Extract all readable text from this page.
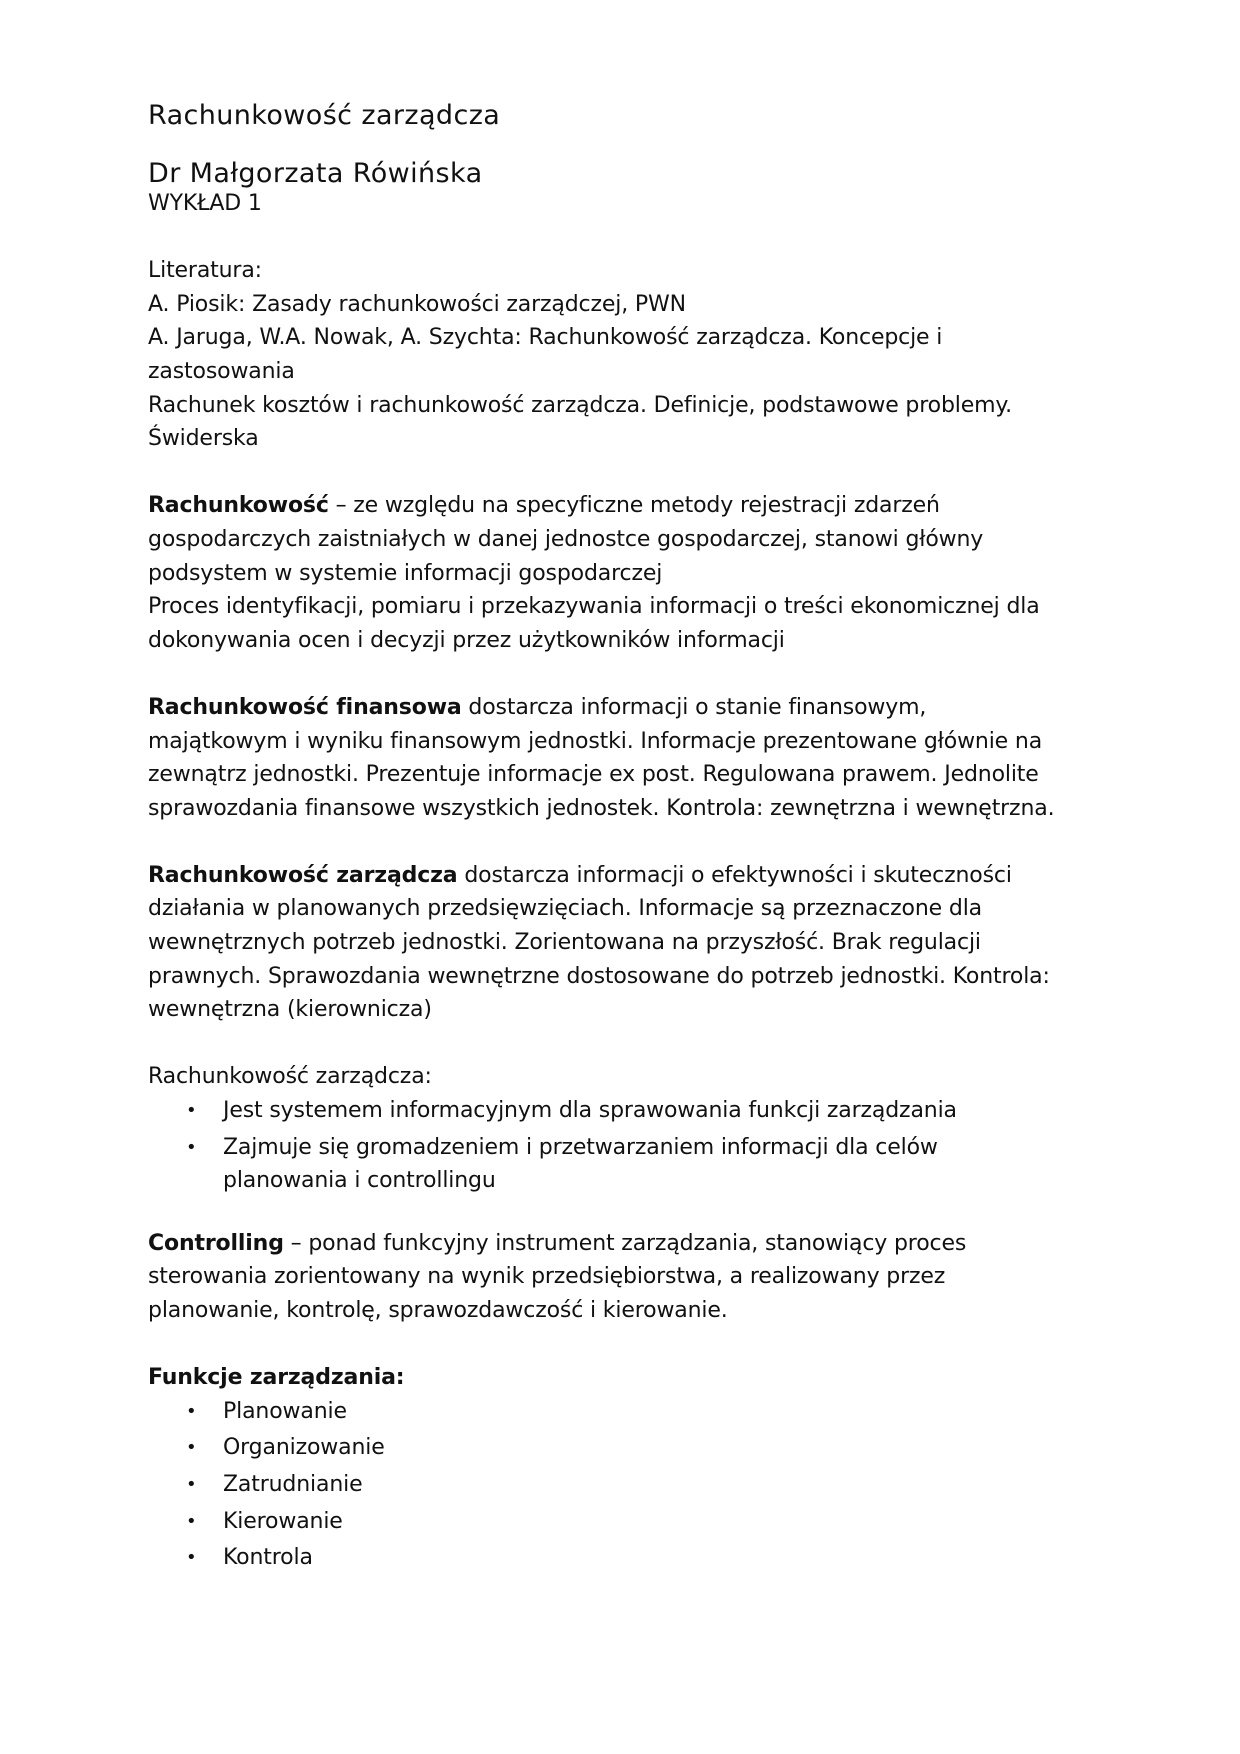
Rachunkowość zarządcza
Dr Małgorzata Rówińska

WYKŁAD 1

Literatura:

A. Piosik: Zasady rachunkowości zarządczej, PWN

A. Jaruga, W.A. Nowak, A. Szychta: Rachunkowość zarządcza. Koncepcje i

zastosowania

Rachunek kosztów i rachunkowość zarządcza. Definicje, podstawowe problemy.

Świderska

Rachunkowość – ze względu na specyficzne metody rejestracji zdarzeń

gospodarczych zaistniałych w danej jednostce gospodarczej, stanowi główny

podsystem w systemie informacji gospodarczej

Proces identyfikacji, pomiaru i przekazywania informacji o treści ekonomicznej dla

dokonywania ocen i decyzji przez użytkowników informacji

Rachunkowość finansowa dostarcza informacji o stanie finansowym,

majątkowym i wyniku finansowym jednostki. Informacje prezentowane głównie na

zewnątrz jednostki. Prezentuje informacje ex post. Regulowana prawem. Jednolite

sprawozdania finansowe wszystkich jednostek. Kontrola: zewnętrzna i wewnętrzna.

Rachunkowość zarządcza dostarcza informacji o efektywności i skuteczności

działania w planowanych przedsięwzięciach. Informacje są przeznaczone dla

wewnętrznych potrzeb jednostki. Zorientowana na przyszłość. Brak regulacji

prawnych. Sprawozdania wewnętrzne dostosowane do potrzeb jednostki. Kontrola:

wewnętrzna (kierownicza)

Rachunkowość zarządcza:

• Jest systemem informacyjnym dla sprawowania funkcji zarządzania
• Zajmuje się gromadzeniem i przetwarzaniem informacji dla celów
planowania i controllingu

Controlling – ponad funkcyjny instrument zarządzania, stanowiący proces

sterowania zorientowany na wynik przedsiębiorstwa, a realizowany przez

planowanie, kontrolę, sprawozdawczość i kierowanie.

Funkcje zarządzania:

• Planowanie
• Organizowanie
• Zatrudnianie
• Kierowanie
• Kontrola
